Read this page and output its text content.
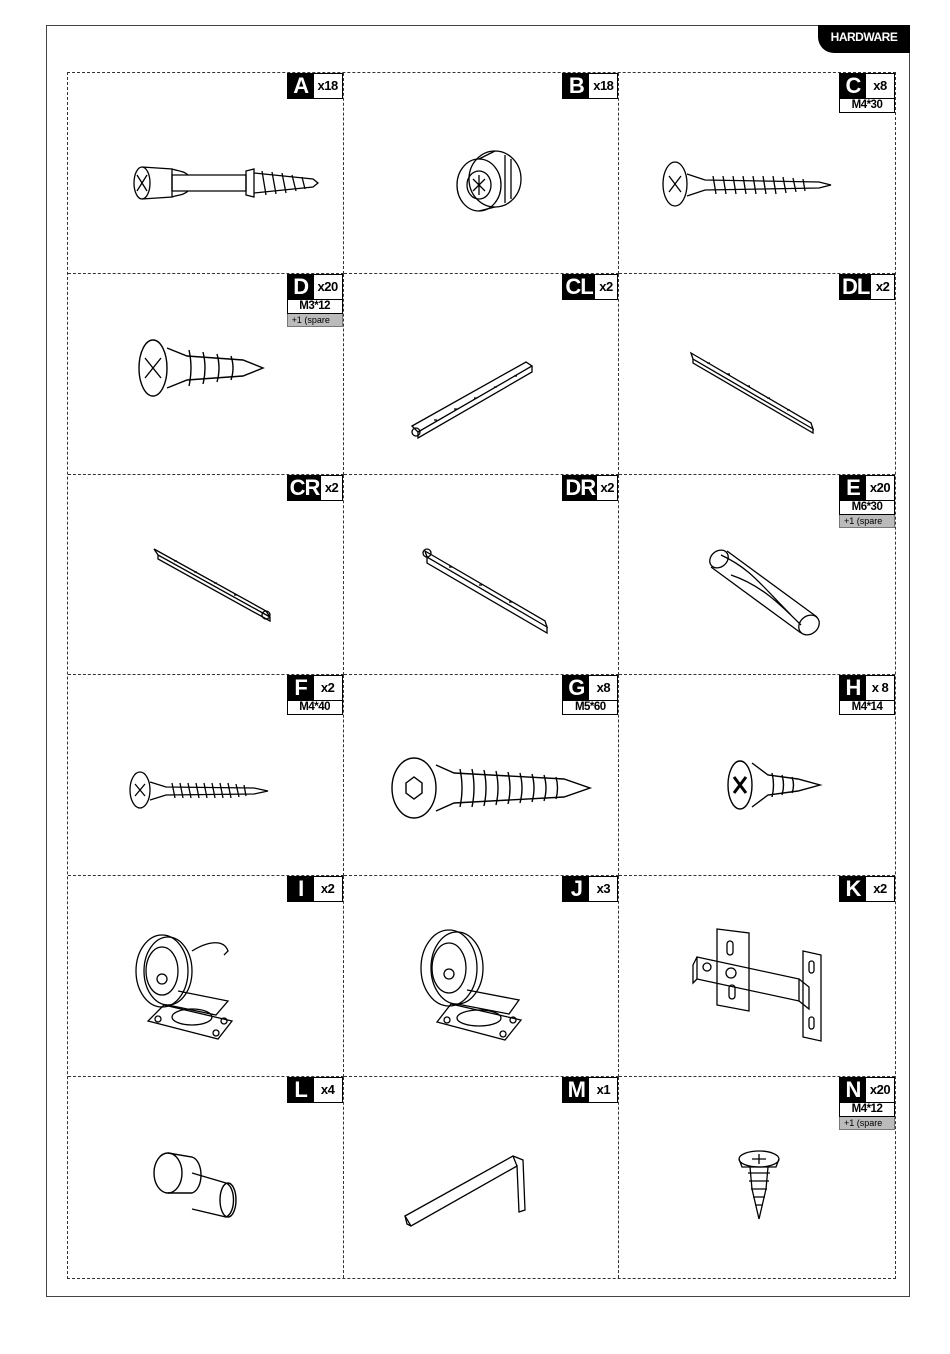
HARDWARE
A x18	B x18	C x8
M4*30
D x20
M3*12
+1 (spare
CL x2	DL x2
CR x2	DR x2	E x20
M6*30
+1 (spare
F	x2
M4*40
G x8
M5*60
H x 8
M4*14
I	x2	J	x3	K x2
L	x4	M x1	N x20
M4*12
+1 (spare
